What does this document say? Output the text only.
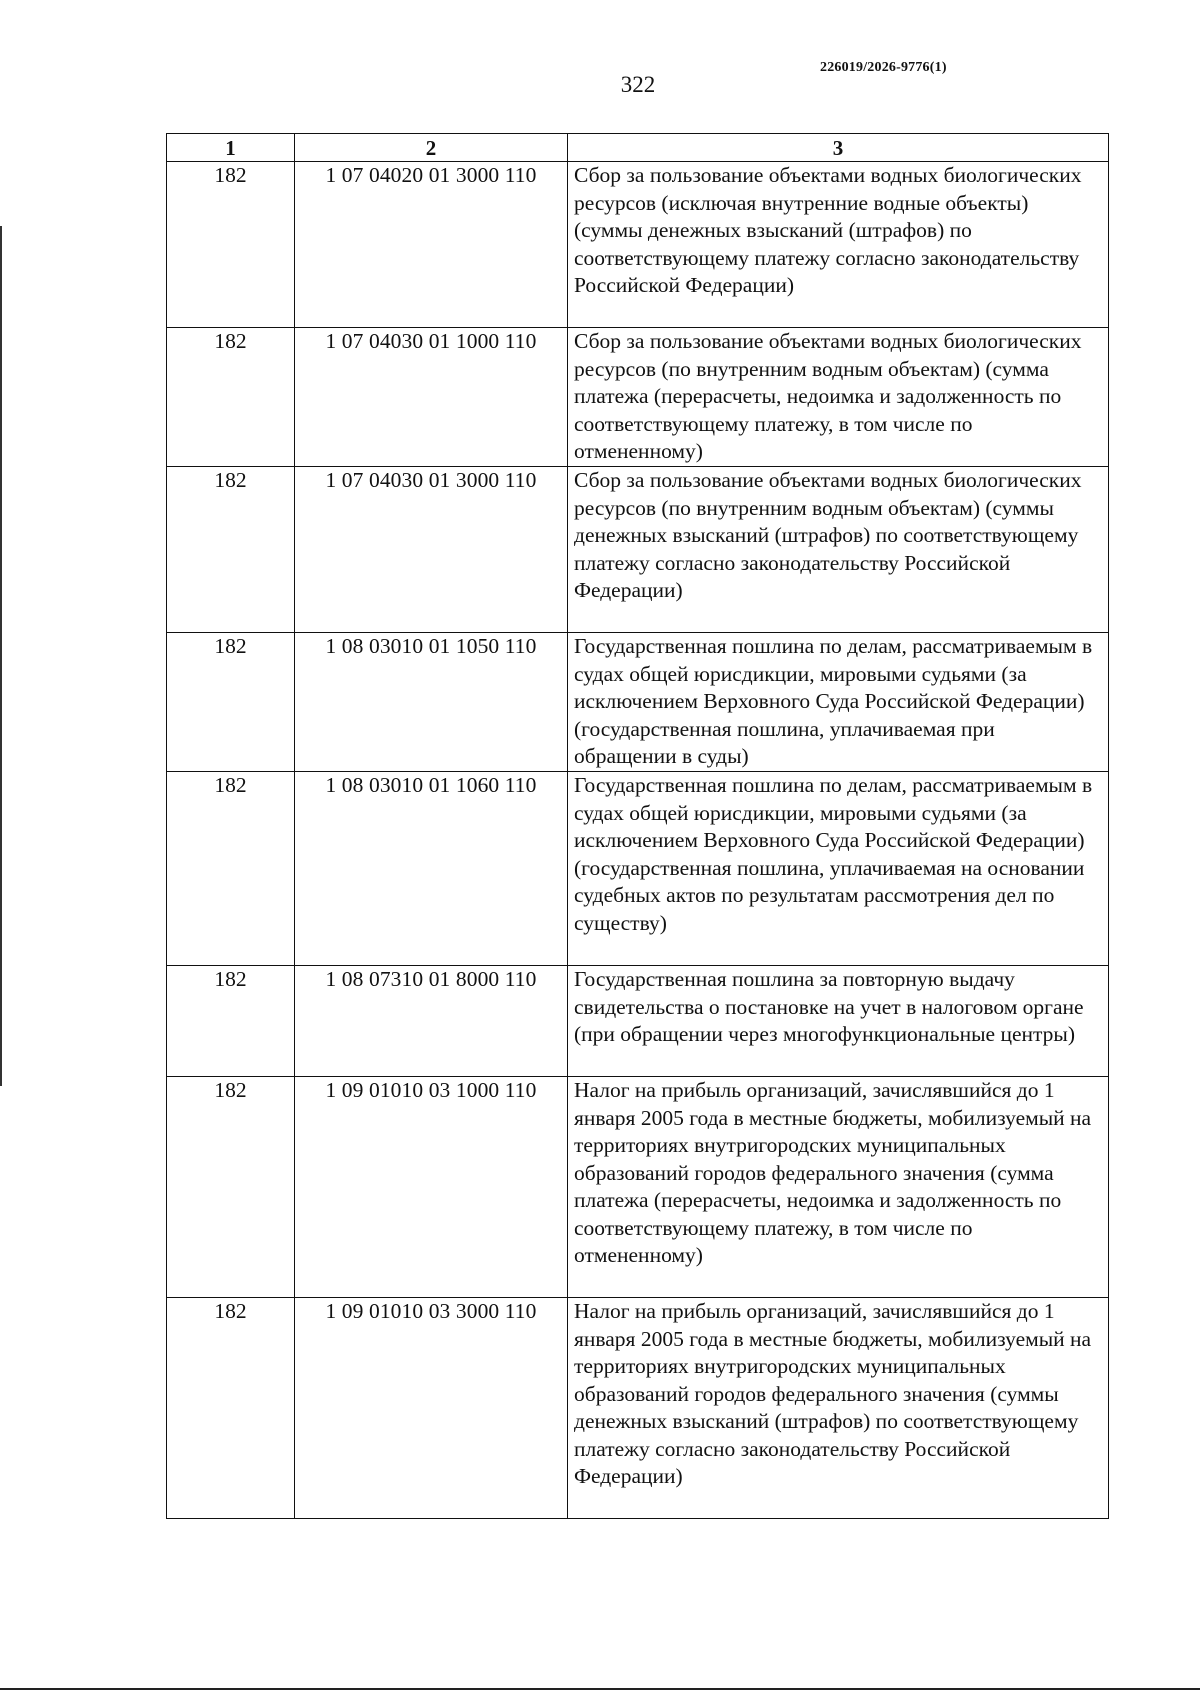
226019/2026-9776(1)
322
1	2	3
182	1 07 04020 01 3000 110	Сбор за пользование объектами водных биологических ресурсов (исключая внутренние водные объекты) (суммы денежных взысканий (штрафов) по соответствующему платежу согласно законодательству Российской Федерации)
182	1 07 04030 01 1000 110	Сбор за пользование объектами водных биологических ресурсов (по внутренним водным объектам) (сумма платежа (перерасчеты, недоимка и задолженность по соответствующему платежу, в том числе по отмененному)
182	1 07 04030 01 3000 110	Сбор за пользование объектами водных биологических ресурсов (по внутренним водным объектам) (суммы денежных взысканий (штрафов) по соответствующему платежу согласно законодательству Российской Федерации)
182	1 08 03010 01 1050 110	Государственная пошлина по делам, рассматриваемым в судах общей юрисдикции, мировыми судьями (за исключением Верховного Суда Российской Федерации) (государственная пошлина, уплачиваемая при обращении в суды)
182	1 08 03010 01 1060 110	Государственная пошлина по делам, рассматриваемым в судах общей юрисдикции, мировыми судьями (за исключением Верховного Суда Российской Федерации) (государственная пошлина, уплачиваемая на основании судебных актов по результатам рассмотрения дел по существу)
182	1 08 07310 01 8000 110	Государственная пошлина за повторную выдачу свидетельства о постановке на учет в налоговом органе (при обращении через многофункциональные центры)
182	1 09 01010 03 1000 110	Налог на прибыль организаций, зачислявшийся до 1 января 2005 года в местные бюджеты, мобилизуемый на территориях внутригородских муниципальных образований городов федерального значения (сумма платежа (перерасчеты, недоимка и задолженность по соответствующему платежу, в том числе по отмененному)
182	1 09 01010 03 3000 110	Налог на прибыль организаций, зачислявшийся до 1 января 2005 года в местные бюджеты, мобилизуемый на территориях внутригородских муниципальных образований городов федерального значения (суммы денежных взысканий (штрафов) по соответствующему платежу согласно законодательству Российской Федерации)
